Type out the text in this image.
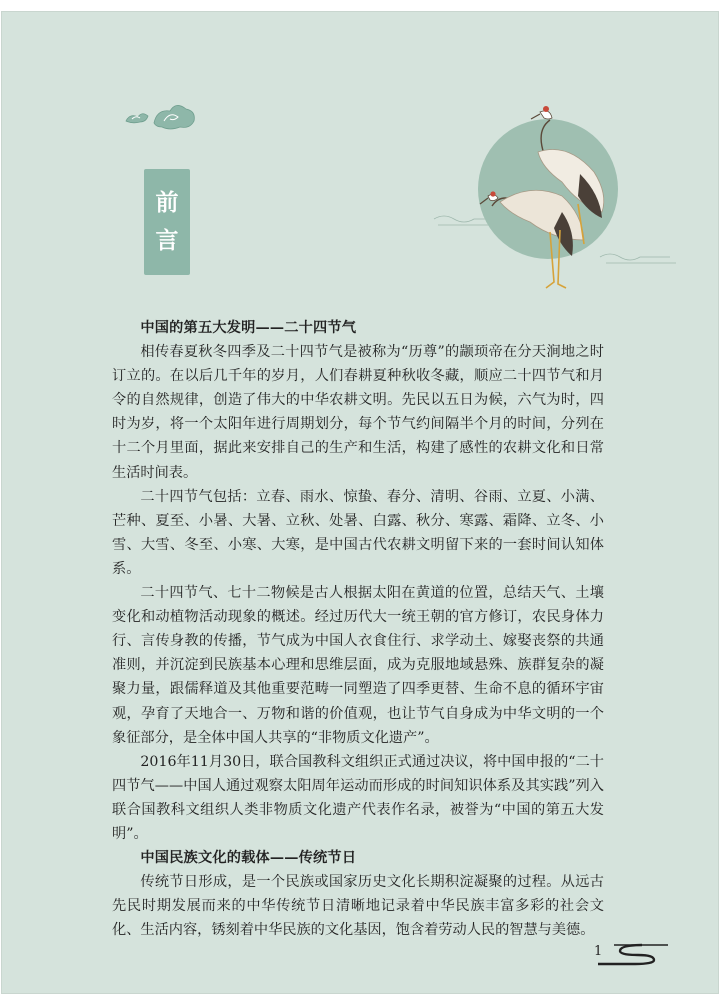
前
言
中国的第五大发明——二十四节气

相传春夏秋冬四季及二十四节气是被称为“历尊”的颛顼帝在分天涧地之时订立的。在以后几千年的岁月，人们春耕夏种秋收冬藏，顺应二十四节气和月令的自然规律，创造了伟大的中华农耕文明。先民以五日为候，六气为时，四时为岁，将一个太阳年进行周期划分，每个节气约间隔半个月的时间，分列在十二个月里面，据此来安排自己的生产和生活，构建了感性的农耕文化和日常生活时间表。

二十四节气包括：立春、雨水、惊蛰、春分、清明、谷雨、立夏、小满、芒种、夏至、小暑、大暑、立秋、处暑、白露、秋分、寒露、霜降、立冬、小雪、大雪、冬至、小寒、大寒，是中国古代农耕文明留下来的一套时间认知体系。

二十四节气、七十二物候是古人根据太阳在黄道的位置，总结天气、土壤变化和动植物活动现象的概述。经过历代大一统王朝的官方修订，农民身体力行、言传身教的传播，节气成为中国人衣食住行、求学动土、嫁娶丧祭的共通准则，并沉淀到民族基本心理和思维层面，成为克服地域悬殊、族群复杂的凝聚力量，跟儒释道及其他重要范畴一同塑造了四季更替、生命不息的循环宇宙观，孕育了天地合一、万物和谐的价值观，也让节气自身成为中华文明的一个象征部分，是全体中国人共享的“非物质文化遗产”。

2016年11月30日，联合国教科文组织正式通过决议，将中国申报的“二十四节气——中国人通过观察太阳周年运动而形成的时间知识体系及其实践”列入联合国教科文组织人类非物质文化遗产代表作名录，被誉为“中国的第五大发明”。

中国民族文化的载体——传统节日

传统节日形成，是一个民族或国家历史文化长期积淀凝聚的过程。从远古先民时期发展而来的中华传统节日清晰地记录着中华民族丰富多彩的社会文化、生活内容，锈刻着中华民族的文化基因，饱含着劳动人民的智慧与美德。

1
